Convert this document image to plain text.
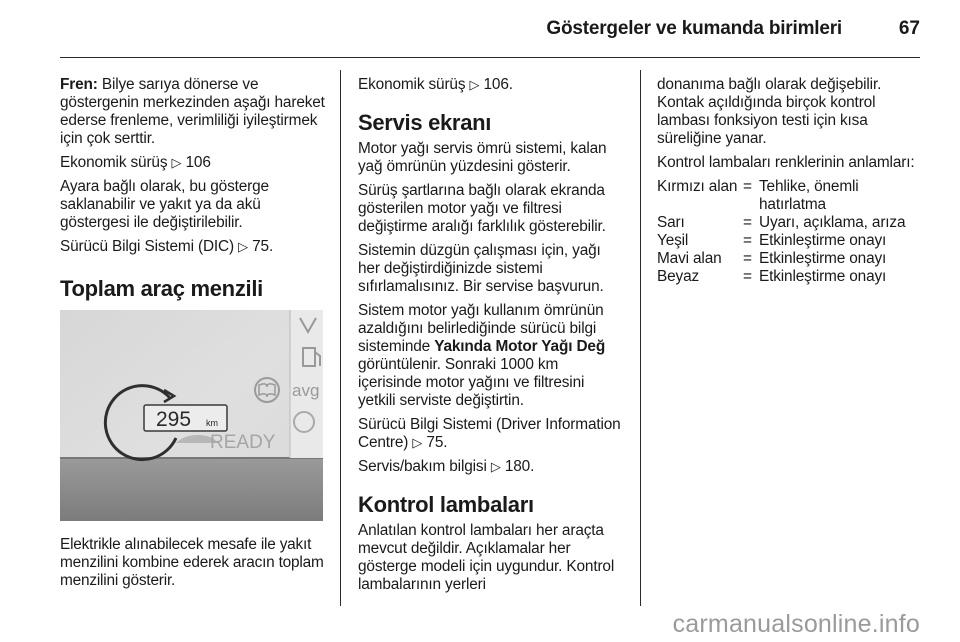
Göstergeler ve kumanda birimleri	67

Fren: Bilye sarıya dönerse ve göstergenin merkezinden aşağı hareket ederse frenleme, verimliliği iyileştirmek için çok serttir.

Ekonomik sürüş ▷ 106

Ayara bağlı olarak, bu gösterge saklanabilir ve yakıt ya da akü göstergesi ile değiştirilebilir.

Sürücü Bilgi Sistemi (DIC) ▷ 75.

Toplam araç menzili
avg
295 km
READY
Elektrikle alınabilecek mesafe ile yakıt menzilini kombine ederek aracın toplam menzilini gösterir.

Ekonomik sürüş ▷ 106.

Servis ekranı

Motor yağı servis ömrü sistemi, kalan yağ ömrünün yüzdesini gösterir.

Sürüş şartlarına bağlı olarak ekranda gösterilen motor yağı ve filtresi değiştirme aralığı farklılık gösterebilir.

Sistemin düzgün çalışması için, yağı her değiştirdiğinizde sistemi sıfırlamalısınız. Bir servise başvurun.

Sistem motor yağı kullanım ömrünün azaldığını belirlediğinde sürücü bilgi sisteminde Yakında Motor Yağı Değ görüntülenir. Sonraki 1000 km içerisinde motor yağını ve filtresini yetkili serviste değiştirtin.

Sürücü Bilgi Sistemi (Driver Information Centre) ▷ 75.

Servis/bakım bilgisi ▷ 180.

Kontrol lambaları

Anlatılan kontrol lambaları her araçta mevcut değildir. Açıklamalar her gösterge modeli için uygundur. Kontrol lambalarının yerleri

donanıma bağlı olarak değişebilir. Kontak açıldığında birçok kontrol lambası fonksiyon testi için kısa süreliğine yanar.

Kontrol lambaları renklerinin anlamları:

Kırmızı alan	=	Tehlike, önemli hatırlatma
Sarı	=	Uyarı, açıklama, arıza
Yeşil	=	Etkinleştirme onayı
Mavi alan	=	Etkinleştirme onayı
Beyaz	=	Etkinleştirme onayı
carmanualsonline.info
